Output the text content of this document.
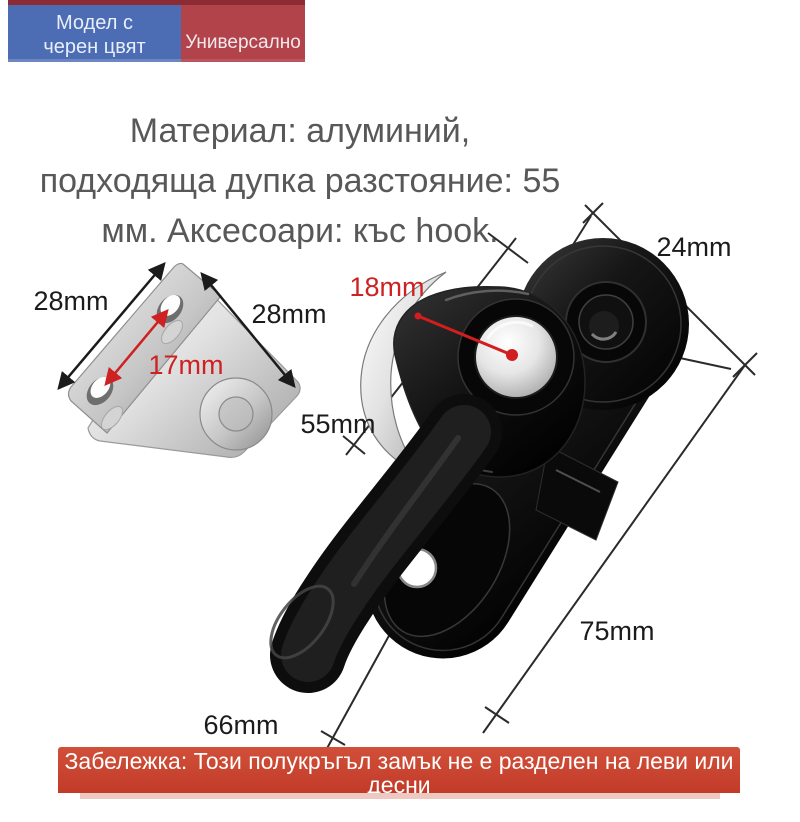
Модел с
черен цвят	Универсално
Материал: алуминий,
подходяща дупка разстояние: 55
мм. Аксесоари: къс hook.
28mm	28mm
17mm
18mm
24mm
55mm
75mm
66mm
Забележка: Този полукръгъл замък не е разделен на леви или десни
(универсален за двата вида).
